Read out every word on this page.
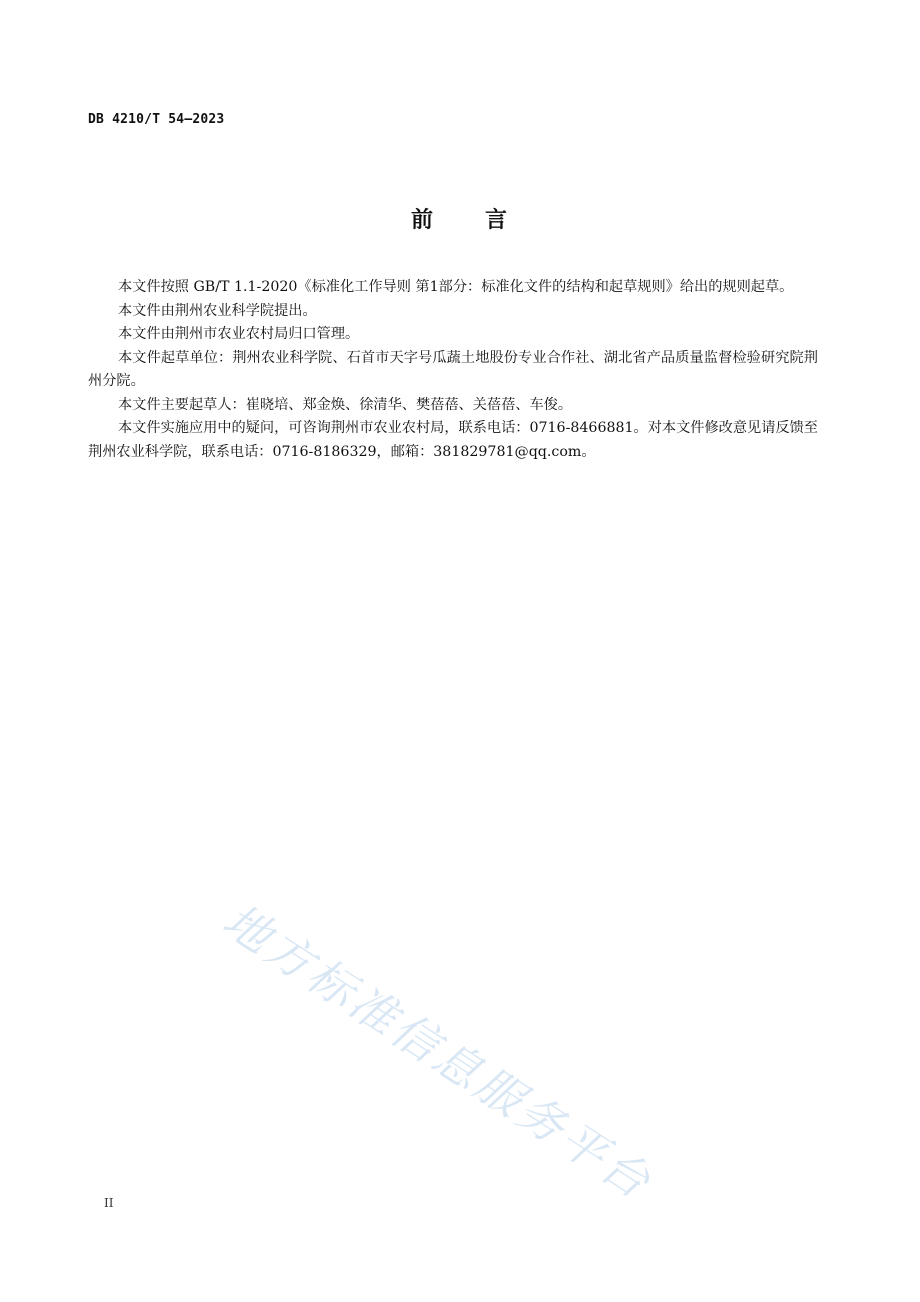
DB 4210/T 54—2023
前 言

本文件按照 GB/T 1.1-2020《标准化工作导则 第1部分：标准化文件的结构和起草规则》给出的规则起草。

本文件由荆州农业科学院提出。

本文件由荆州市农业农村局归口管理。

本文件起草单位：荆州农业科学院、石首市天字号瓜蔬土地股份专业合作社、湖北省产品质量监督检验研究院荆州分院。

本文件主要起草人：崔晓培、郑金焕、徐清华、樊蓓蓓、关蓓蓓、车俊。

本文件实施应用中的疑问，可咨询荆州市农业农村局，联系电话：0716-8466881。对本文件修改意见请反馈至荆州农业科学院，联系电话：0716-8186329，邮箱：381829781@qq.com。

地方标准信息服务平台
II
